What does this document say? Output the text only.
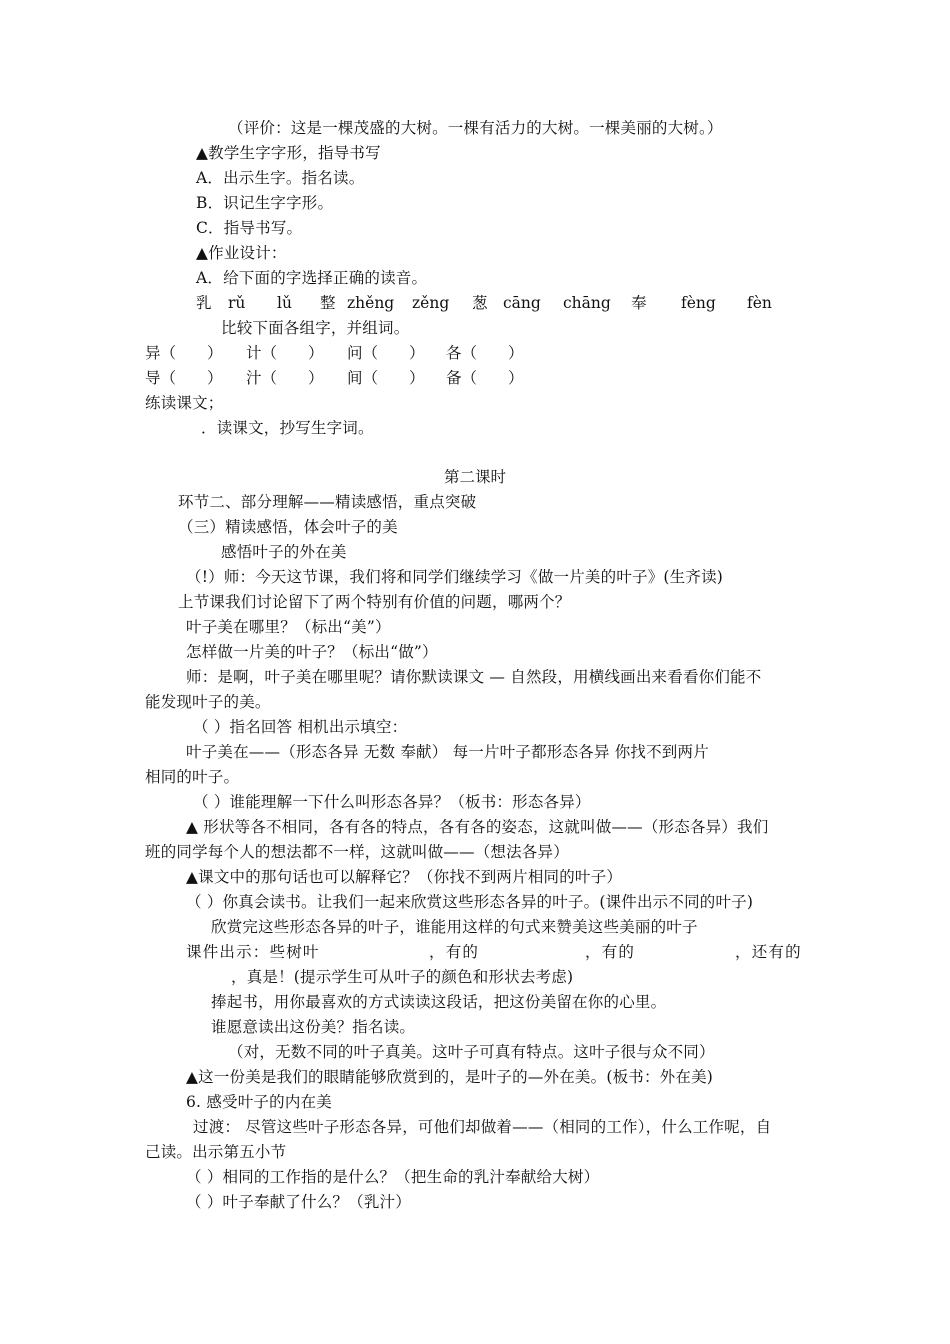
（评价：这是一棵茂盛的大树。一棵有活力的大树。一棵美丽的大树。）
▲教学生字字形，指导书写
A．出示生字。指名读。
B．识记生字字形。
C．指导书写。
▲作业设计：
A．给下面的字选择正确的读音。
乳 rǔ lǔ 整 zhěng zěng 葱 cāng chāng 奉 fèng fèn
比较下面各组字，并组词。
异（　　） 计（　　） 问（　　） 各（　　）
导（　　） 汁（　　） 间（　　） 备（　　）
练读课文；
．读课文，抄写生字词。
第二课时
环节二、部分理解——精读感悟，重点突破
（三）精读感悟，体会叶子的美
感悟叶子的外在美
（!）师：今天这节课，我们将和同学们继续学习《做一片美的叶子》(生齐读)
上节课我们讨论留下了两个特别有价值的问题，哪两个？
叶子美在哪里？（标出“美”）
怎样做一片美的叶子？（标出“做”）
师：是啊，叶子美在哪里呢？请你默读课文 — 自然段，用横线画出来看看你们能不
能发现叶子的美。
（ ）指名回答 相机出示填空：
叶子美在——（形态各异 无数 奉献） 每一片叶子都形态各异 你找不到两片
相同的叶子。
（ ）谁能理解一下什么叫形态各异？（板书：形态各异）
▲ 形状等各不相同，各有各的特点，各有各的姿态，这就叫做——（形态各异）我们
班的同学每个人的想法都不一样，这就叫做——（想法各异）
▲课文中的那句话也可以解释它？（你找不到两片相同的叶子）
（ ）你真会读书。让我们一起来欣赏这些形态各异的叶子。(课件出示不同的叶子)
欣赏完这些形态各异的叶子，谁能用这样的句式来赞美这些美丽的叶子
课件出示：些树叶	，有的	，有的	，还有的
，真是！(提示学生可从叶子的颜色和形状去考虑)
捧起书，用你最喜欢的方式读读这段话，把这份美留在你的心里。
谁愿意读出这份美？指名读。
（对，无数不同的叶子真美。这叶子可真有特点。这叶子很与众不同）
▲这一份美是我们的眼睛能够欣赏到的，是叶子的—外在美。(板书：外在美)
6. 感受叶子的内在美
过渡： 尽管这些叶子形态各异，可他们却做着——（相同的工作），什么工作呢，自
己读。出示第五小节
（ ）相同的工作指的是什么？（把生命的乳汁奉献给大树）
（ ）叶子奉献了什么？（乳汁）
